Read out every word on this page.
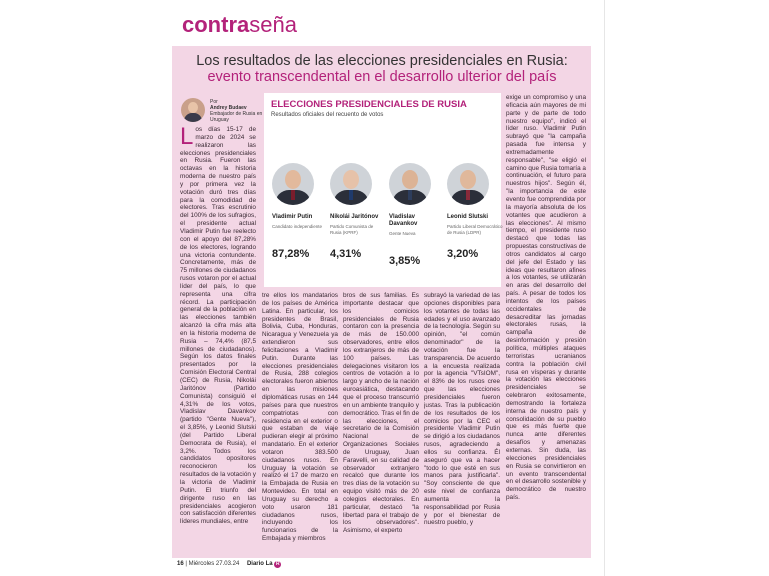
contraseña
Los resultados de las elecciones presidenciales en Rusia:
evento transcendental en el desarrollo ulterior del país
Por
Andrey Budaev
Embajador de Rusia en Uruguay
Los días 15-17 de marzo de 2024 se realizaron las elecciones presidenciales en Rusia. Fueron las octavas en la historia moderna de nuestro país y por primera vez la votación duró tres días para la comodidad de electores. Tras escrutinio del 100% de los sufragios, el presidente actual Vladimir Putin fue reelecto con el apoyo del 87,28% de los electores, logrando una victoria contundente. Concretamente, más de 75 millones de ciudadanos rusos votaron por el actual líder del país, lo que representa una cifra récord. La participación general de la población en las elecciones también alcanzó la cifra más alta en la historia moderna de Rusia – 74,4% (87,5 millones de ciudadanos). Según los datos finales presentados por la Comisión Electoral Central (CEC) de Rusia, Nikolái Jaritónov (Partido Comunista) consiguió el 4,31% de los votos, Vladislav Davankov (partido "Gente Nueva"), el 3,85%, y Leonid Slutski (del Partido Liberal Democrata de Rusia), el 3,2%. Todos los candidatos opositores reconocieron los resultados de la votación y la victoria de Vladimir Putin. El triunfo del dirigente ruso en las presidenciales acogieron con satisfacción diferentes líderes mundiales, entre
ELECCIONES PRESIDENCIALES DE RUSIA
Resultados oficiales del recuento de votos
Vladimir Putin
Candidato independiente
87,28%
Nikolái Jaritónov
Partido Comunista de Rusia (KPRF)
4,31%
Vladislav Davankov
Gente Nueva
3,85%
Leonid Slutski
Partido Liberal Democrático de Rusia (LDPR)
3,20%
tre ellos los mandatarios de los países de América Latina. En particular, los presidentes de Brasil, Bolivia, Cuba, Honduras, Nicaragua y Venezuela ya extendieron sus felicitaciones a Vladimir Putin. Durante las elecciones presidenciales de Rusia, 288 colegios electorales fueron abiertos en las misiones diplomáticas rusas en 144 países para que nuestros compatriotas con residencia en el exterior o que estaban de viaje pudieran elegir al próximo mandatario. En el exterior votaron 383.500 ciudadanos rusos. En Uruguay la votación se realizó el 17 de marzo en la Embajada de Rusia en Montevideo. En total en Uruguay su derecho a voto usaron 181 ciudadanos rusos, incluyendo los funcionarios de la Embajada y miembros
bros de sus familias. Es importante destacar que los comicios presidenciales de Rusia contaron con la presencia de más de 150.000 observadores, entre ellos los extranjeros de más de 100 países. Las delegaciones visitaron los centros de votación a lo largo y ancho de la nación euroasiática, destacando que el proceso transcurrió en un ambiente tranquilo y democrático. Tras el fin de las elecciones, el secretario de la Comisión Nacional de Organizaciones Sociales de Uruguay, Juan Faravelli, en su calidad de observador extranjero recalcó que durante los tres días de la votación su equipo visitó más de 20 colegios electorales. En particular, destacó "la libertad para el trabajo de los observadores". Asimismo, el experto
subrayó la variedad de las opciones disponibles para los votantes de todas las edades y el uso avanzado de la tecnología. Según su opinión, "el común denominador" de la votación fue la transparencia. De acuerdo a la encuesta realizada por la agencia "VTsIOM", el 83% de los rusos cree que las elecciones presidenciales fueron justas. Tras la publicación de los resultados de los comicios por la CEC el presidente Vladimir Putin se dirigió a los ciudadanos rusos, agradeciendo a ellos su confianza. Él aseguró que va a hacer "todo lo que esté en sus manos para justificarla". "Soy consciente de que este nivel de confianza aumenta la responsabilidad por Rusia y por el bienestar de nuestro pueblo, y
exige un compromiso y una eficacia aún mayores de mi parte y de parte de todo nuestro equipo", indicó el líder ruso. Vladimir Putin subrayó que "la campaña pasada fue intensa y extremadamente responsable", "se eligió el camino que Rusia tomaría a continuación, el futuro para nuestros hijos". Según él, "la importancia de este evento fue comprendida por la mayoría absoluta de los votantes que acudieron a las elecciones". Al mismo tiempo, el presidente ruso destacó que todas las propuestas constructivas de otros candidatos al cargo del jefe del Estado y las ideas que resultaron afines a los votantes, se utilizarán en aras del desarrollo del país. A pesar de todos los intentos de los países occidentales de desacreditar las jornadas electorales rusas, la campaña de desinformación y presión política, múltiples ataques terroristas ucranianos contra la población civil rusa en vísperas y durante la votación las elecciones presidenciales se celebraron exitosamente, demostrando la fortaleza interna de nuestro país y consolidación de su pueblo que es más fuerte que nunca ante diferentes desafíos y amenazas externas. Sin duda, las elecciones presidenciales en Rusia se convirtieron en un evento transcendental en el desarrollo sostenible y democrático de nuestro país.
16 | Miércoles 27.03.24 Diario La R
